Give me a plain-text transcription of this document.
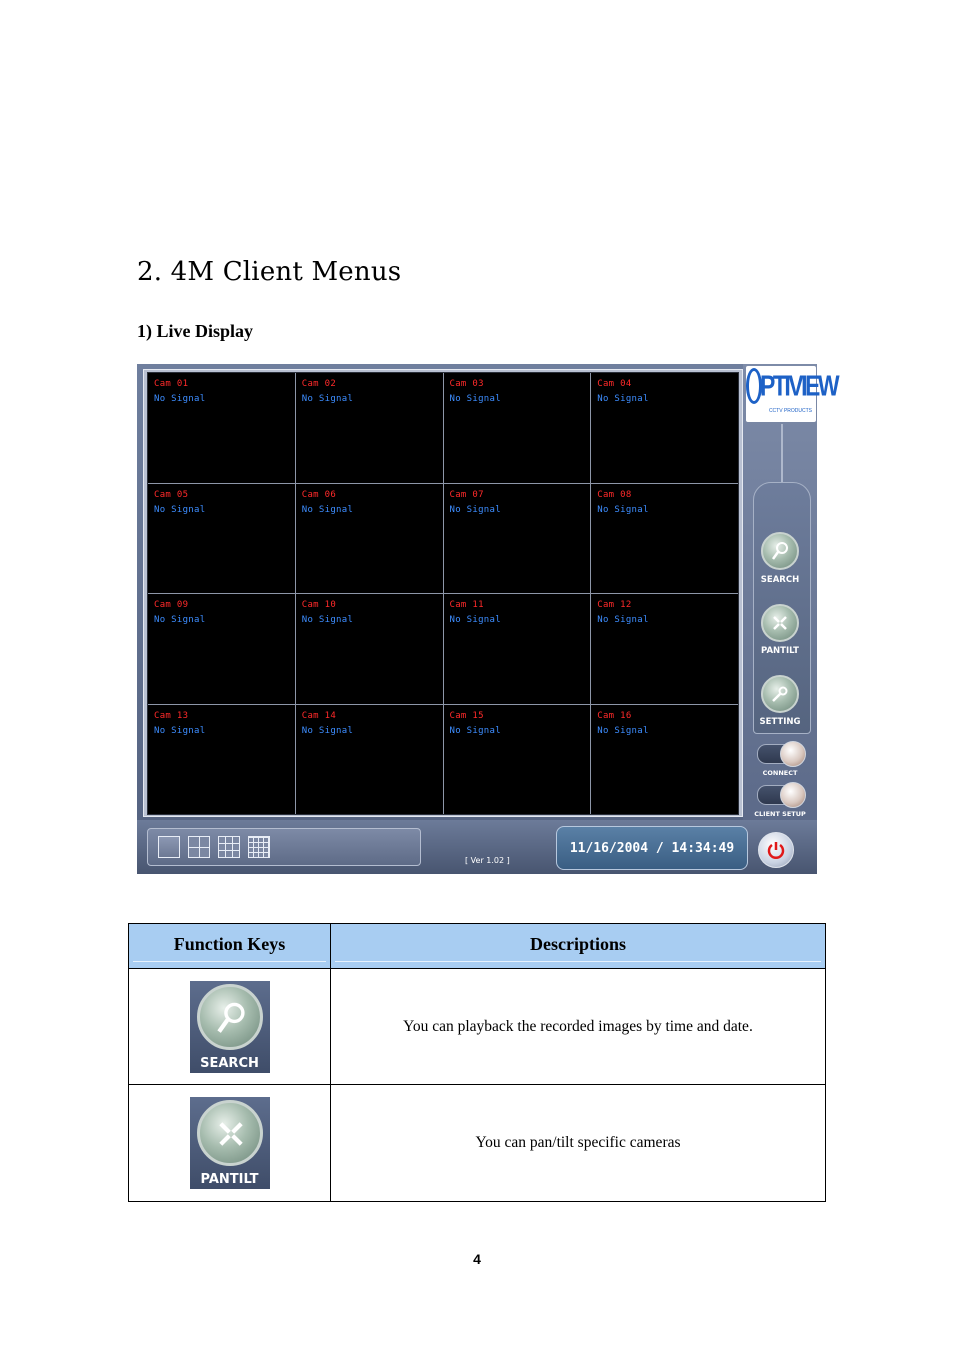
2. 4M Client Menus
1) Live Display
Cam 01
No Signal
Cam 02
No Signal
Cam 03
No Signal
Cam 04
No Signal
Cam 05
No Signal
Cam 06
No Signal
Cam 07
No Signal
Cam 08
No Signal
Cam 09
No Signal
Cam 10
No Signal
Cam 11
No Signal
Cam 12
No Signal
Cam 13
No Signal
Cam 14
No Signal
Cam 15
No Signal
Cam 16
No Signal
PTIVIEW
CCTV PRODUCTS
SEARCH
PANTILT
SETTING
CONNECT
CLIENT SETUP
[ Ver 1.02 ]
11/16/2004 / 14:34:49
Function Keys	Descriptions

SEARCH	You can playback the recorded images by time and date.

PANTILT	You can pan/tilt specific cameras
4
